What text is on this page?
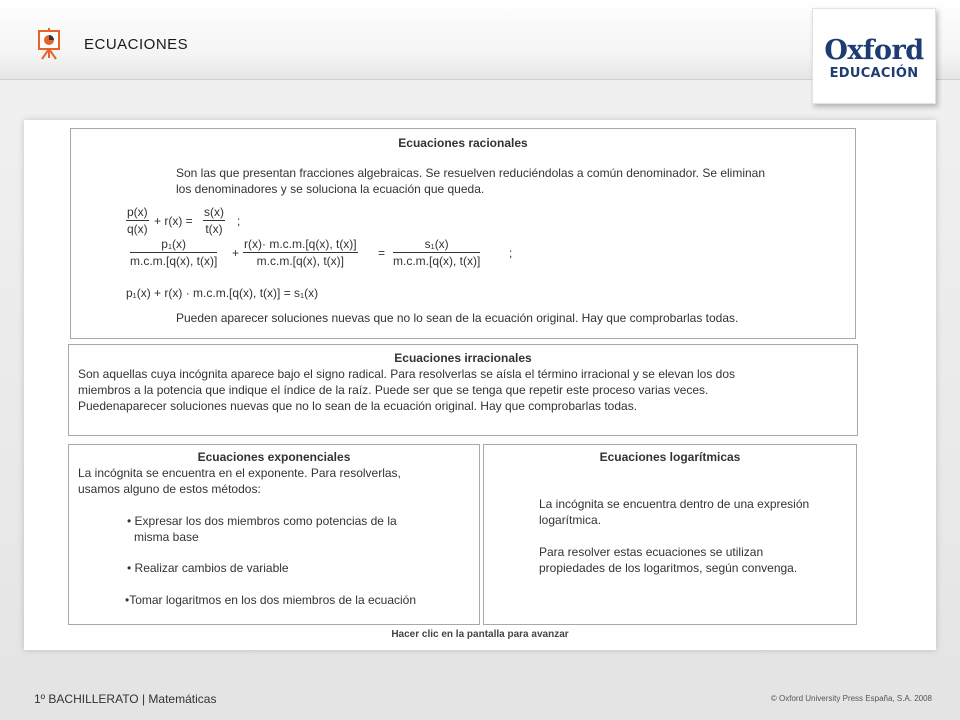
ECUACIONES	Oxford
EDUCACIÓN
Ecuaciones racionales
Son las que presentan fracciones algebraicas. Se resuelven reduciéndolas a común denominador. Se eliminan
los denominadores y se soluciona la ecuación que queda.
$\frac{p(x)}{q(x)} + r(x) = \frac{s(x)}{t(x)}$ ;
$\frac{\text{p₁(x)}}{m.c.m.[q(x), t(x)]} + \frac{r(x)\cdot m.c.m.[q(x), t(x)]}{m.c.m.[q(x), t(x)]} = \frac{\text{s₁(x)}}{m.c.m.[q(x), t(x)]}$ ;
p₁(x) + r(x) · m.c.m.[q(x), t(x)] = s₁(x)
Pueden aparecer soluciones nuevas que no lo sean de la ecuación original. Hay que comprobarlas todas.
Ecuaciones irracionales
Son aquellas cuya incógnita aparece bajo el signo radical. Para resolverlas se aísla el término irracional y se elevan los dos
miembros a la potencia que indique el índice de la raíz. Puede ser que se tenga que repetir este proceso varias veces.
Puedenaparecer soluciones nuevas que no lo sean de la ecuación original. Hay que comprobarlas todas.
Ecuaciones exponenciales
La incógnita se encuentra en el exponente. Para resolverlas,
usamos alguno de estos métodos:
• Expresar los dos miembros como potencias de la
misma base
• Realizar cambios de variable
•Tomar logaritmos en los dos miembros de la ecuación
Ecuaciones logarítmicas
La incógnita se encuentra dentro de una expresión
logarítmica.
Para resolver estas ecuaciones se utilizan
propiedades de los logaritmos, según convenga.
Hacer clic en la pantalla para avanzar
1º BACHILLERATO | Matemáticas	© Oxford University Press España, S.A. 2008
